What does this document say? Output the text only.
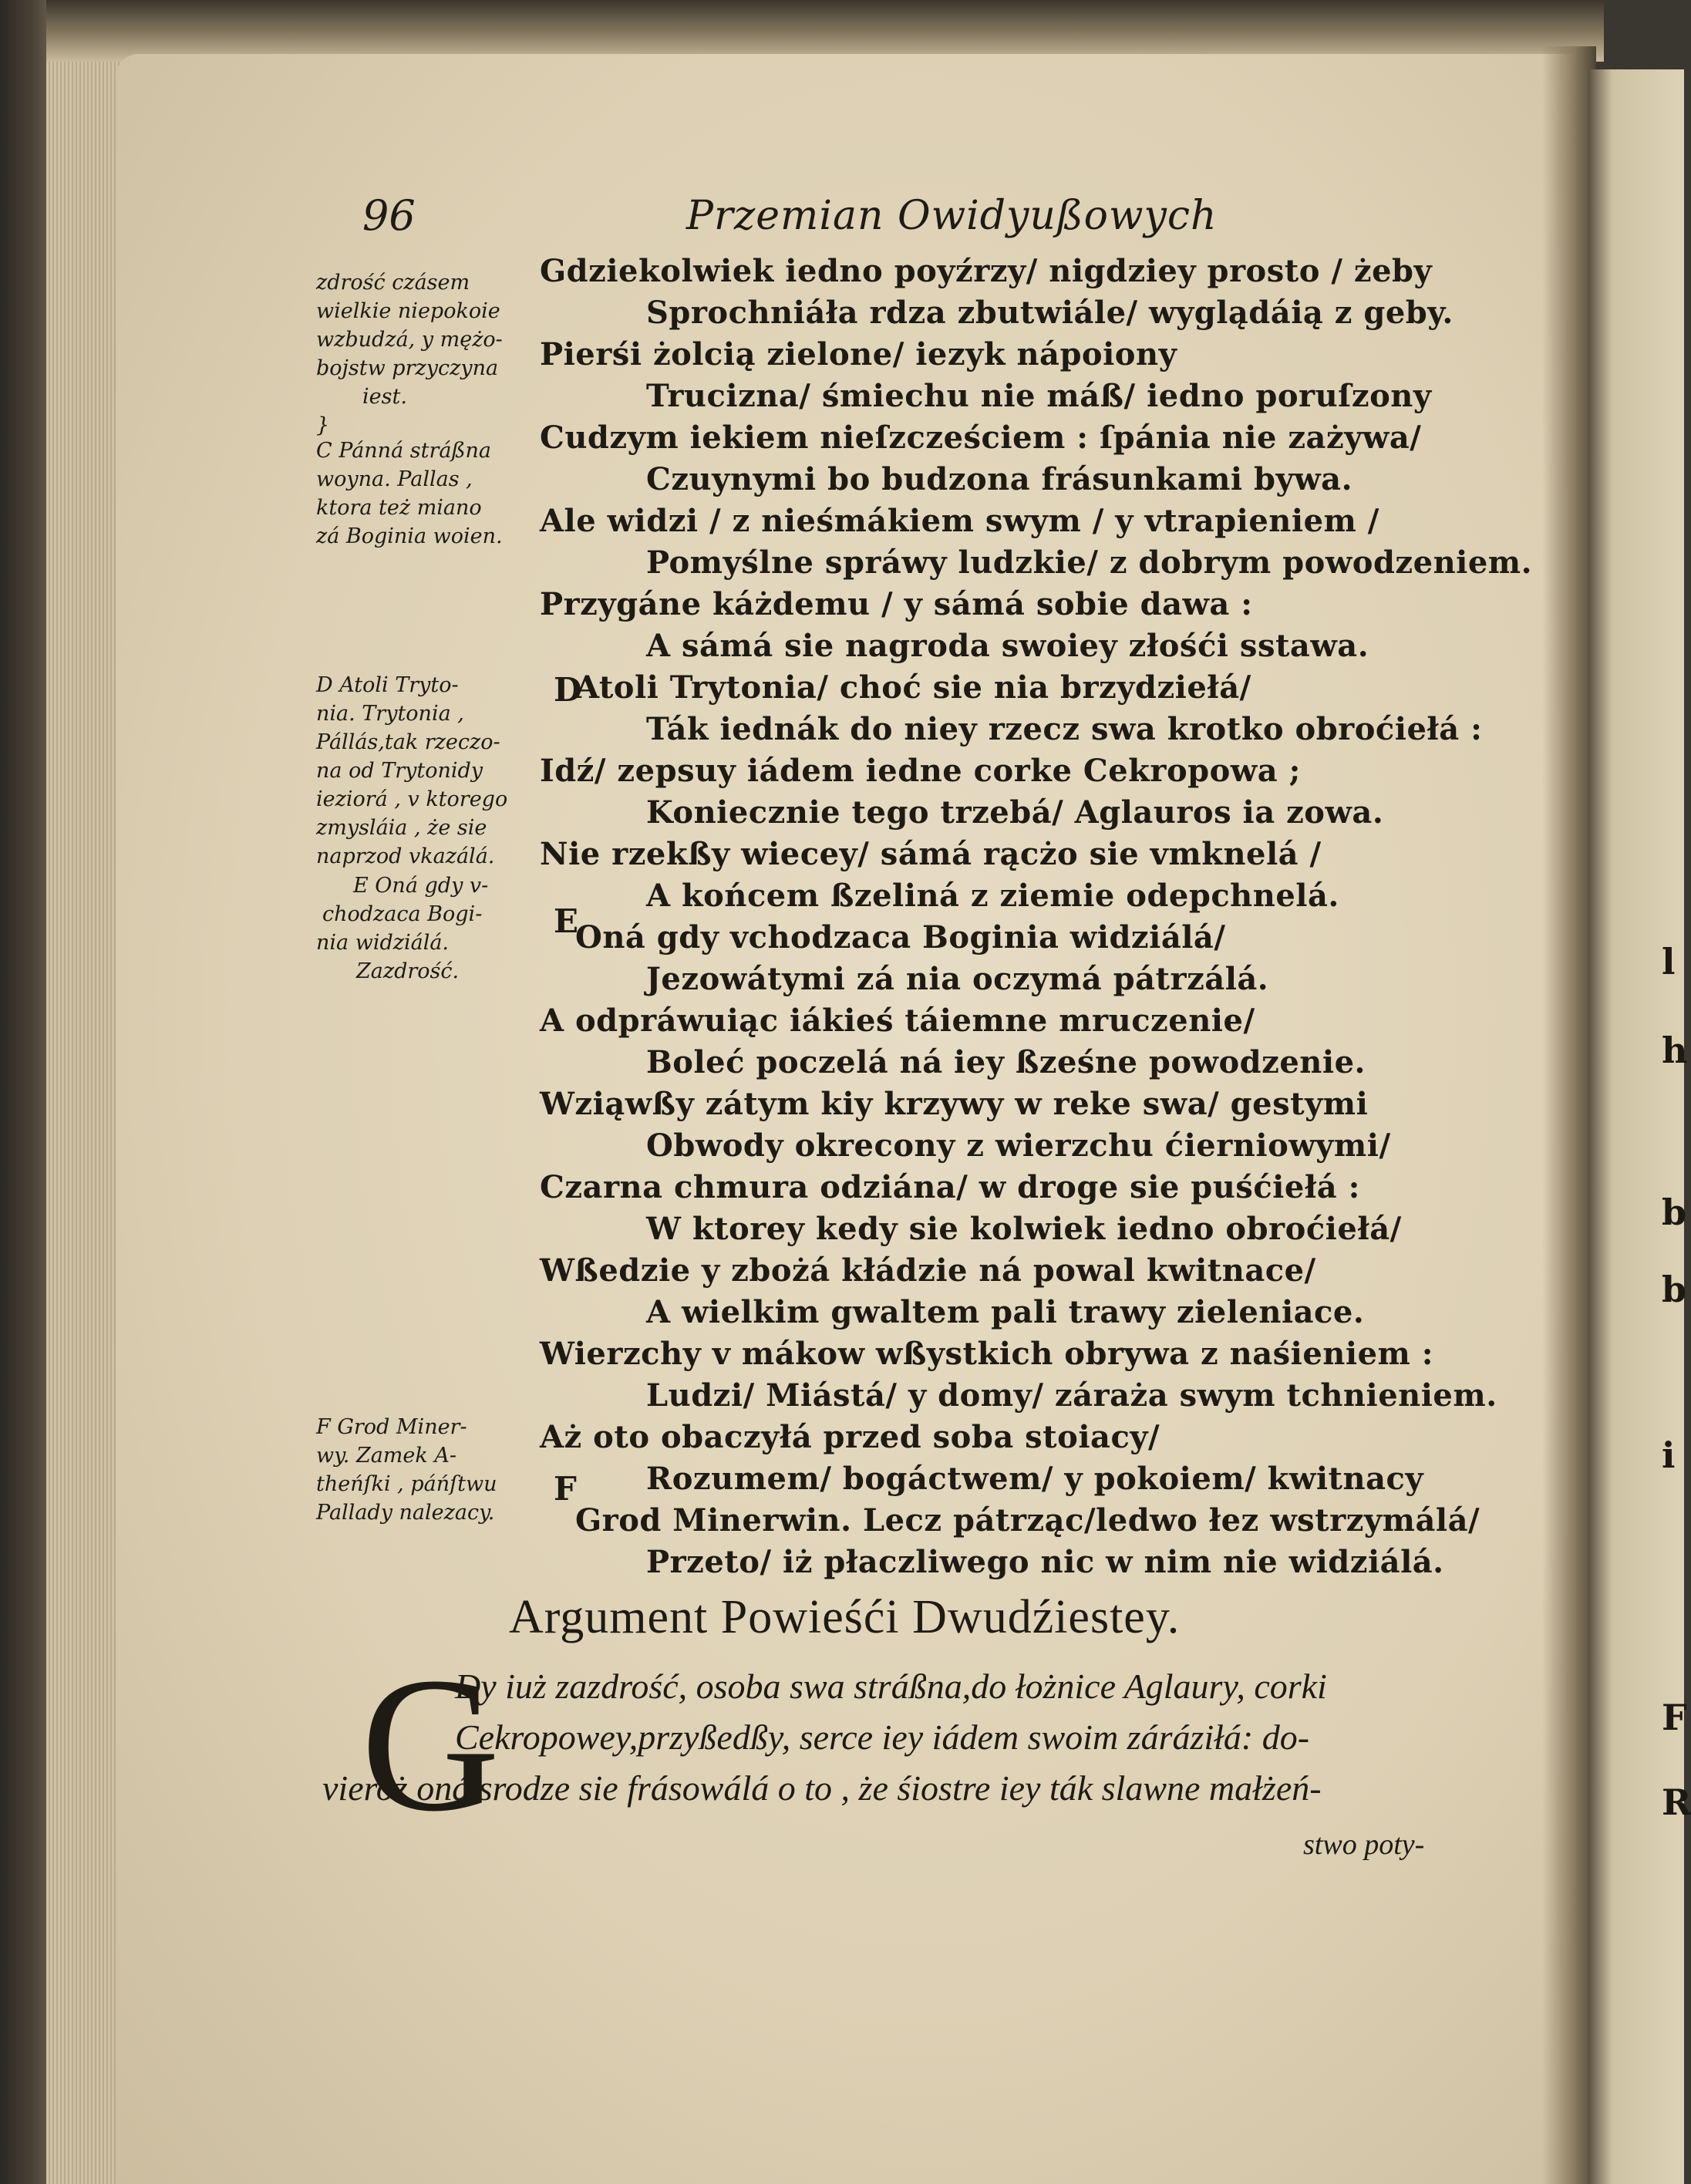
l
h
b
b
i
F
R
96	Przemian Owidyußowych
zdrość czásem
wielkie niepokoie
wzbudzá, y mężo-
bojstw przyczyna
iest.
}
C Pánná stráßna
woyna. Pallas ,
ktora też miano
zá Boginia woien.
D Atoli Tryto-
nia. Trytonia ,
Pállás,tak rzeczo-
na od Trytonidy
ieziorá , v ktorego
zmysláia , że sie
naprzod vkazálá.
E Oná gdy v-
chodzaca Bogi-
nia widziálá.
Zazdrość.
F Grod Miner-
wy. Zamek A-
theńſki , páńſtwu
Pallady nalezacy.
D
E
F
Gdziekolwiek iedno poyźrzy/ nigdziey prosto / żeby
Sprochniáła rdza zbutwiále/ wyglądáią z geby.
Pierśi żolcią zielone/ iezyk nápoiony
Trucizna/ śmiechu nie máß/ iedno poruſzony
Cudzym iekiem nieſzcześciem : ſpánia nie zażywa/
Czuynymi bo budzona frásunkami bywa.
Ale widzi / z nieśmákiem swym / y vtrapieniem /
Pomyślne spráwy ludzkie/ z dobrym powodzeniem.
Przygáne káżdemu / y sámá sobie dawa :
A sámá sie nagroda swoiey złośći sstawa.
Atoli Trytonia/ choć sie nia brzydziełá/
Ták iednák do niey rzecz swa krotko obroćiełá :
Idź/ zepsuy iádem iedne corke Cekropowa ;
Koniecznie tego trzebá/ Aglauros ia zowa.
Nie rzekßy wiecey/ sámá rącżo sie vmknelá /
A końcem ßzeliná z ziemie odepchnelá.
Oná gdy vchodzaca Boginia widziálá/
Jezowátymi zá nia oczymá pátrzálá.
A odpráwuiąc iákieś táiemne mruczenie/
Boleć poczelá ná iey ßześne powodzenie.
Wziąwßy zátym kiy krzywy w reke swa/ gestymi
Obwody okrecony z wierzchu ćierniowymi/
Czarna chmura odziána/ w droge sie puśćiełá :
W ktorey kedy sie kolwiek iedno obroćiełá/
Wßedzie y zbożá kłádzie ná powal kwitnace/
A wielkim gwaltem pali trawy zieleniace.
Wierzchy v mákow wßystkich obrywa z naśieniem :
Ludzi/ Miástá/ y domy/ záraża swym tchnieniem.
Aż oto obaczyłá przed soba stoiacy/
Rozumem/ bogáctwem/ y pokoiem/ kwitnacy
Grod Minerwin. Lecz pátrząc/ledwo łez wstrzymálá/
Przeto/ iż płaczliwego nic w nim nie widziálá.
Argument Powieśći Dwudźiestey.
G
Dy iuż zazdrość, osoba swa stráßna,do łożnice Aglaury, corki
Cekropowey,przyßedßy, serce iey iádem swoim záráziłá: do-
vieroż oná srodze sie frásowálá o to , że śiostre iey ták slawne małżeń-
stwo poty-
